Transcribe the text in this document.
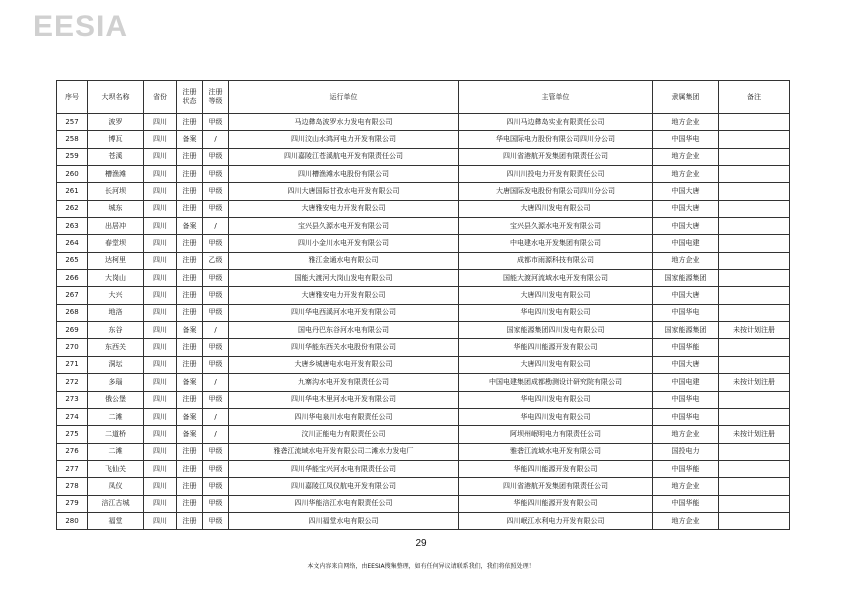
EESIA
序号	大坝名称	省份	注册状态	注册等级	运行单位	主管单位	隶属集团	备注
257	波罗	四川	注册	甲级	马边彝岛波罗水力发电有限公司	四川马边彝岛实业有限责任公司	地方企业	
258	博瓦	四川	备案	/	四川汶山水鸿河电力开发有限公司	华电国际电力股份有限公司四川分公司	中国华电	
259	苍溪	四川	注册	甲级	四川嘉陵江苍溪航电开发有限责任公司	四川省港航开发集团有限责任公司	地方企业	
260	槽渔滩	四川	注册	甲级	四川槽渔滩水电股份有限公司	四川川投电力开发有限责任公司	地方企业	
261	长河坝	四川	注册	甲级	四川大唐国际甘孜水电开发有限公司	大唐国际发电股份有限公司四川分公司	中国大唐	
262	城东	四川	注册	甲级	大唐雅安电力开发有限公司	大唐四川发电有限公司	中国大唐	
263	出居冲	四川	备案	/	宝兴县久源水电开发有限公司	宝兴县久源水电开发有限公司	中国大唐	
264	春堂坝	四川	注册	甲级	四川小金川水电开发有限公司	中电建水电开发集团有限公司	中国电建	
265	达柯里	四川	注册	乙级	雅江金通水电有限公司	成都市雨源科技有限公司	地方企业	
266	大岗山	四川	注册	甲级	国能大渡河大岗山发电有限公司	国能大渡河流域水电开发有限公司	国家能源集团	
267	大兴	四川	注册	甲级	大唐雅安电力开发有限公司	大唐四川发电有限公司	中国大唐	
268	地洛	四川	注册	甲级	四川华电西溪河水电开发有限公司	华电四川发电有限公司	中国华电	
269	东谷	四川	备案	/	国电丹巴东谷河水电有限公司	国家能源集团四川发电有限公司	国家能源集团	未按计划注册
270	东西关	四川	注册	甲级	四川华能东西关水电股份有限公司	华能四川能源开发有限公司	中国华能	
271	洞坛	四川	注册	甲级	大唐乡城唐电水电开发有限公司	大唐四川发电有限公司	中国大唐	
272	多瑙	四川	备案	/	九寨沟水电开发有限责任公司	中国电建集团成都勘测设计研究院有限公司	中国电建	未按计划注册
273	俄公堡	四川	注册	甲级	四川华电木里河水电开发有限公司	华电四川发电有限公司	中国华电	
274	二滩	四川	备案	/	四川华电泉川水电有限责任公司	华电四川发电有限公司	中国华电	
275	二道桥	四川	备案	/	汶川正能电力有限责任公司	阿坝州岷明电力有限责任公司	地方企业	未按计划注册
276	二滩	四川	注册	甲级	雅砻江流域水电开发有限公司二滩水力发电厂	雅砻江流域水电开发有限公司	国投电力	
277	飞仙关	四川	注册	甲级	四川华能宝兴河水电有限责任公司	华能四川能源开发有限公司	中国华能	
278	凤仪	四川	注册	甲级	四川嘉陵江凤仪航电开发有限公司	四川省港航开发集团有限责任公司	地方企业	
279	涪江古城	四川	注册	甲级	四川华能涪江水电有限责任公司	华能四川能源开发有限公司	中国华能	
280	福堂	四川	注册	甲级	四川福堂水电有限公司	四川岷江水利电力开发有限公司	地方企业	
29
本文内容来自网络，由EESIA搜集整理，如有任何异议请联系我们，我们将依照处理！
